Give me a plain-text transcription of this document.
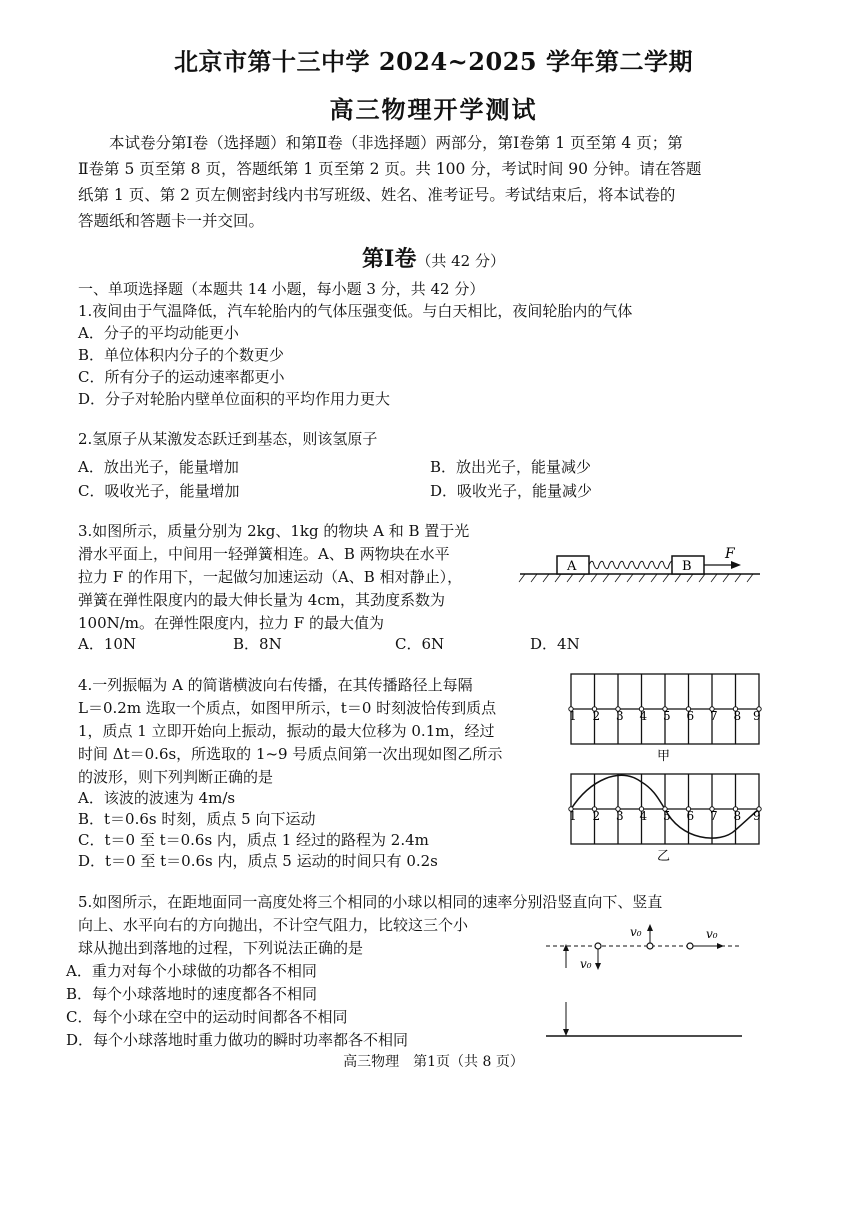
北京市第十三中学 2024~2025 学年第二学期
高三物理开学测试

本试卷分第Ⅰ卷（选择题）和第Ⅱ卷（非选择题）两部分，第Ⅰ卷第 1 页至第 4 页；第

Ⅱ卷第 5 页至第 8 页，答题纸第 1 页至第 2 页。共 100 分，考试时间 90 分钟。请在答题

纸第 1 页、第 2 页左侧密封线内书写班级、姓名、准考证号。考试结束后，将本试卷的

答题纸和答题卡一并交回。

第Ⅰ卷（共 42 分）
一、单项选择题（本题共 14 小题，每小题 3 分，共 42 分）
1.夜间由于气温降低，汽车轮胎内的气体压强变低。与白天相比，夜间轮胎内的气体
A．分子的平均动能更小
B．单位体积内分子的个数更少
C．所有分子的运动速率都更小
D．分子对轮胎内壁单位面积的平均作用力更大
2.氢原子从某激发态跃迁到基态，则该氢原子
A．放出光子，能量增加	B．放出光子，能量减少
C．吸收光子，能量增加	D．吸收光子，能量减少
3.如图所示，质量分别为 2kg、1kg 的物块 A 和 B 置于光
滑水平面上，中间用一轻弹簧相连。A、B 两物块在水平
拉力 F 的作用下，一起做匀加速运动（A、B 相对静止），
弹簧在弹性限度内的最大伸长量为 4cm，其劲度系数为
100N/m。在弹性限度内，拉力 F 的最大值为
A．10N	B．8N	C．6N	D．4N
A	B
F
4.一列振幅为 A 的简谐横波向右传播，在其传播路径上每隔
L＝0.2m 选取一个质点，如图甲所示，t＝0 时刻波恰传到质点
1，质点 1 立即开始向上振动，振动的最大位移为 0.1m，经过
时间 Δt＝0.6s，所选取的 1~9 号质点间第一次出现如图乙所示
的波形，则下列判断正确的是
A．该波的波速为 4m/s
B．t＝0.6s 时刻，质点 5 向下运动
C．t＝0 至 t＝0.6s 内，质点 1 经过的路程为 2.4m
D．t＝0 至 t＝0.6s 内，质点 5 运动的时间只有 0.2s
1 2 3 4 5 6 7 8 9
甲
1 2 3 4 5 6 7 8 9
乙
5.如图所示，在距地面同一高度处将三个相同的小球以相同的速率分别沿竖直向下、竖直
向上、水平向右的方向抛出，不计空气阻力，比较这三个小
球从抛出到落地的过程，下列说法正确的是
A．重力对每个小球做的功都各不相同
B．每个小球落地时的速度都各不相同
C．每个小球在空中的运动时间都各不相同
D．每个小球落地时重力做功的瞬时功率都各不相同
v₀
v₀	v₀
高三物理　第1页（共 8 页）
